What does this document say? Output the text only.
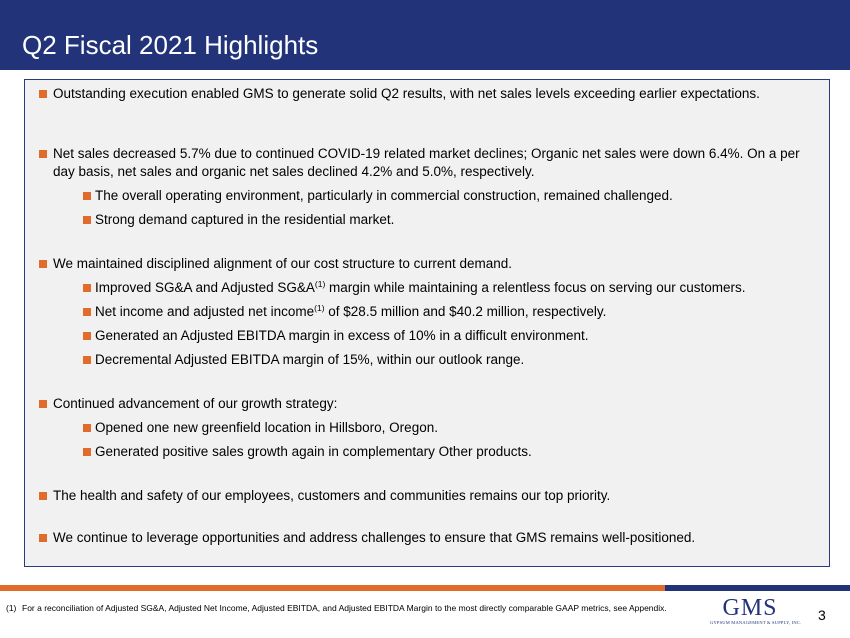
Q2 Fiscal 2021 Highlights
Outstanding execution enabled GMS to generate solid Q2 results, with net sales levels exceeding earlier expectations.
Net sales decreased 5.7% due to continued COVID-19 related market declines; Organic net sales were down 6.4%. On a per day basis, net sales and organic net sales declined 4.2% and 5.0%, respectively.
The overall operating environment, particularly in commercial construction, remained challenged.
Strong demand captured in the residential market.
We maintained disciplined alignment of our cost structure to current demand.
Improved SG&A and Adjusted $SG\&A^{(1)}$ margin while maintaining a relentless focus on serving our customers.
Net income and adjusted net income$^{(1)}$ of $28.5 million and $40.2 million, respectively.
Generated an Adjusted EBITDA margin in excess of 10% in a difficult environment.
Decremental Adjusted EBITDA margin of 15%, within our outlook range.
Continued advancement of our growth strategy:
Opened one new greenfield location in Hillsboro, Oregon.
Generated positive sales growth again in complementary Other products.
The health and safety of our employees, customers and communities remains our top priority.
We continue to leverage opportunities and address challenges to ensure that GMS remains well-positioned.
(1) For a reconciliation of Adjusted SG&A, Adjusted Net Income, Adjusted EBITDA, and Adjusted EBITDA Margin to the most directly comparable GAAP metrics, see Appendix.	GMS
GYPSUM MANAGEMENT & SUPPLY, INC. 3
